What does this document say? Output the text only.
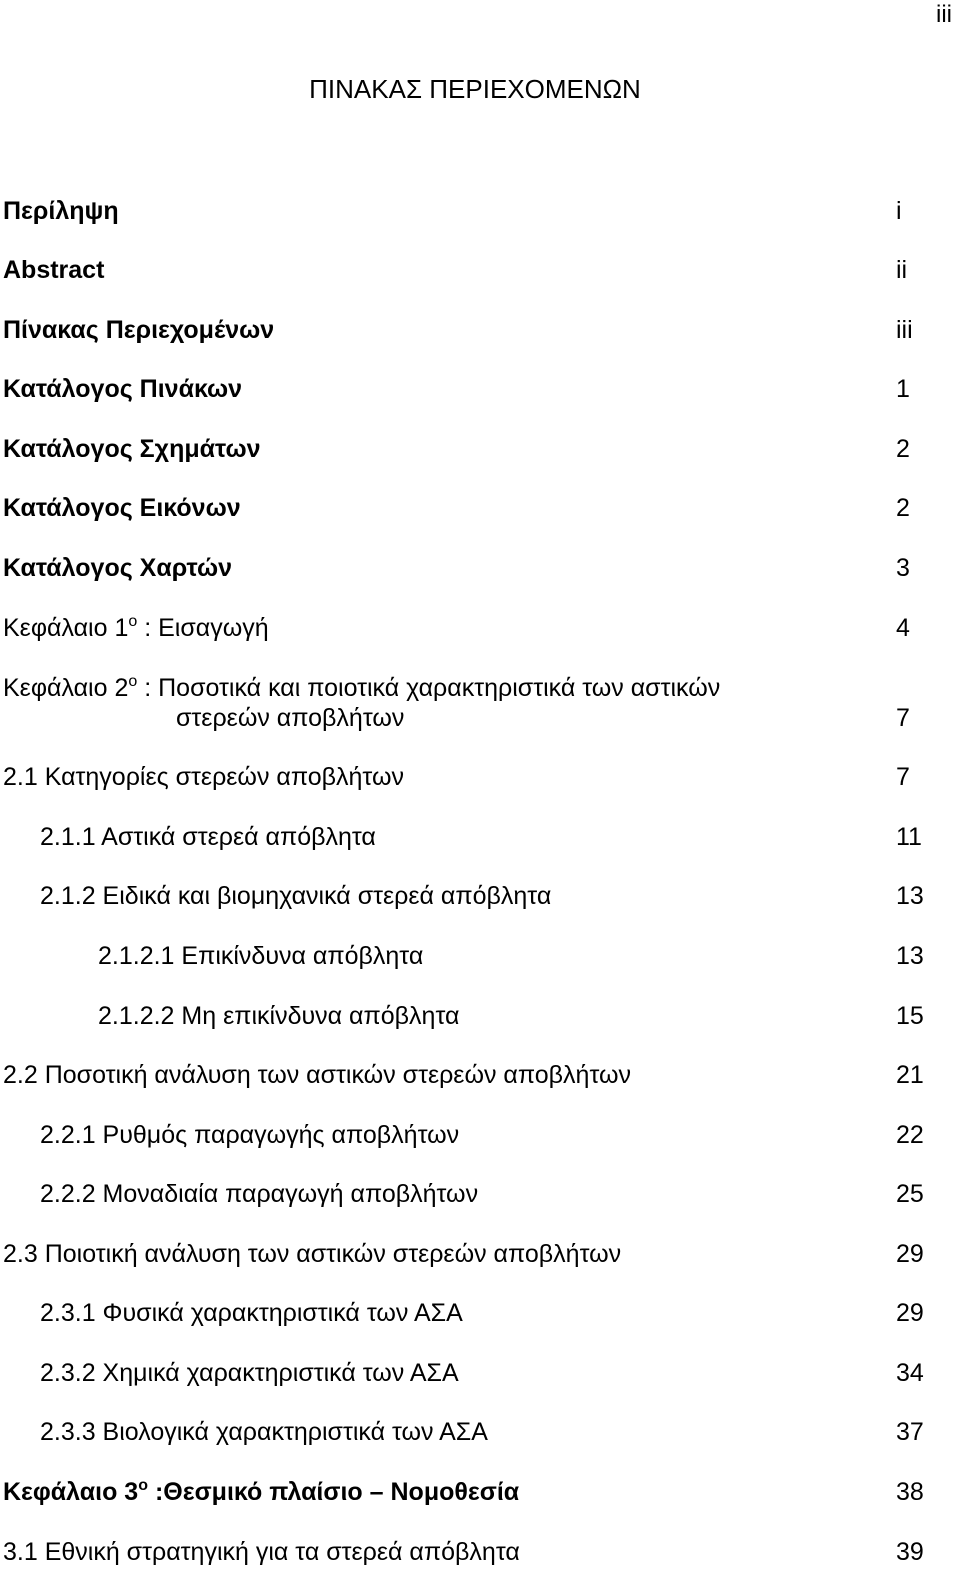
iii
ΠΙΝΑΚΑΣ ΠΕΡΙΕΧΟΜΕΝΩΝ
Περίληψη	i
Abstract	ii
Πίνακας Περιεχομένων	iii
Κατάλογος Πινάκων	1
Κατάλογος Σχημάτων	2
Κατάλογος Εικόνων	2
Κατάλογος Χαρτών	3
Κεφάλαιο $1^o$ : Εισαγωγή	4
Κεφάλαιο $2^o$ : Ποσοτικά και ποιοτικά χαρακτηριστικά των αστικών
στερεών αποβλήτων	7
2.1 Κατηγορίες στερεών αποβλήτων	7
2.1.1 Αστικά στερεά απόβλητα	11
2.1.2 Ειδικά και βιομηχανικά στερεά απόβλητα	13
2.1.2.1 Επικίνδυνα απόβλητα	13
2.1.2.2 Μη επικίνδυνα απόβλητα	15
2.2 Ποσοτική ανάλυση των αστικών στερεών αποβλήτων	21
2.2.1 Ρυθμός παραγωγής αποβλήτων	22
2.2.2 Μοναδιαία παραγωγή αποβλήτων	25
2.3 Ποιοτική ανάλυση των αστικών στερεών αποβλήτων	29
2.3.1 Φυσικά χαρακτηριστικά των ΑΣΑ	29
2.3.2 Χημικά χαρακτηριστικά των ΑΣΑ	34
2.3.3 Βιολογικά χαρακτηριστικά των ΑΣΑ	37
Κεφάλαιο $3^o$ :Θεσμικό πλαίσιο – Νομοθεσία	38
3.1 Εθνική στρατηγική για τα στερεά απόβλητα	39
